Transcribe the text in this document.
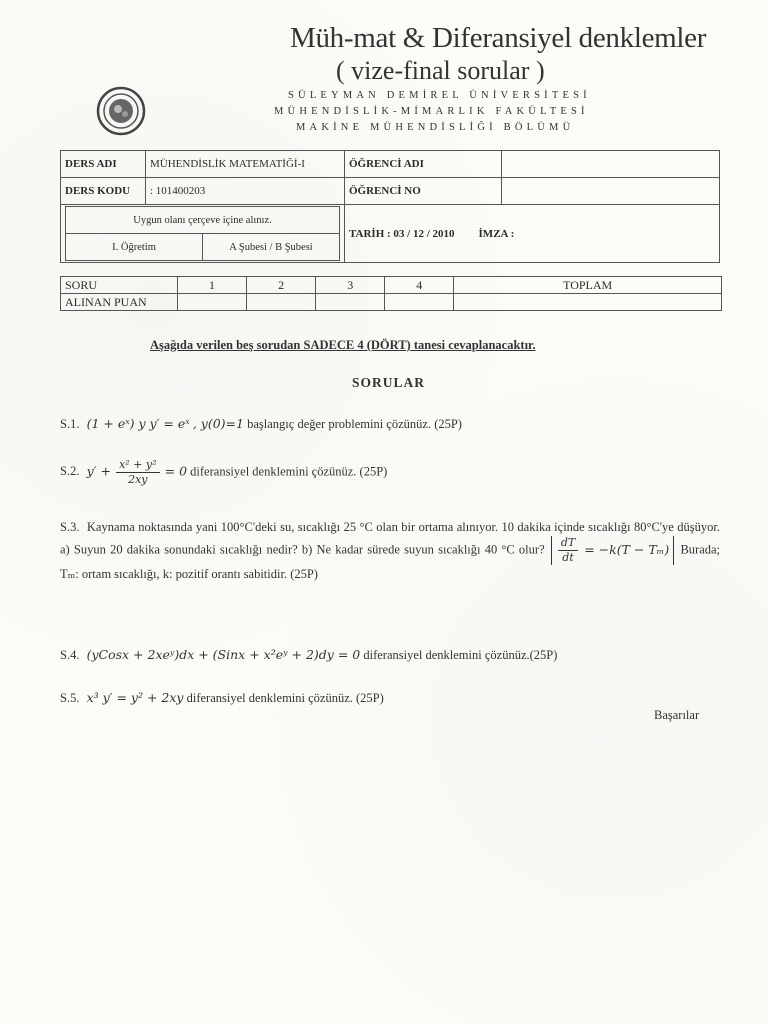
Müh-mat & Diferansiyel denklemler
( vize-final sorular )
SÜLEYMAN DEMİREL ÜNİVERSİTESİ
MÜHENDİSLİK-MİMARLIK FAKÜLTESİ
MAKİNE MÜHENDİSLİĞİ BÖLÜMÜ
DERS ADI	MÜHENDİSLİK MATEMATİĞİ-I	ÖĞRENCİ ADI	
DERS KODU	: 101400203	ÖĞRENCİ NO	

Uygun olanı çerçeve içine alınız.
I. Öğretim	A Şubesi / B Şubesi

TARİH : 03 / 12 / 2010 İMZA :
SORU	1	2	3	4	TOPLAM
ALINAN PUAN					
Aşağıda verilen beş sorudan SADECE 4 (DÖRT) tanesi cevaplanacaktır.
SORULAR
S.1. (1 + eˣ) y y′ = eˣ , y(0)=1 başlangıç değer problemini çözünüz. (25P)
S.2. $y' + \frac{\text{x² + y²}}{2xy} = 0$ diferansiyel denklemini çözünüz. (25P)
S.3. Kaynama noktasında yani 100°C'deki su, sıcaklığı 25 °C olan bir ortama alınıyor. 10 dakika içinde sıcaklığı 80°C'ye düşüyor. a) Suyun 20 dakika sonundaki sıcaklığı nedir? b) Ne kadar sürede suyun sıcaklığı 40 °C olur? $\frac{dT}{dt} = -k(T - T_m)$ Burada; Tₘ: ortam sıcaklığı, k: pozitif orantı sabitidir. (25P)
S.4. (yCosx + 2xeʸ)dx + (Sinx + x²eʸ + 2)dy = 0 diferansiyel denklemini çözünüz.(25P)
S.5. x³ y′ = y² + 2xy diferansiyel denklemini çözünüz. (25P)
Başarılar
